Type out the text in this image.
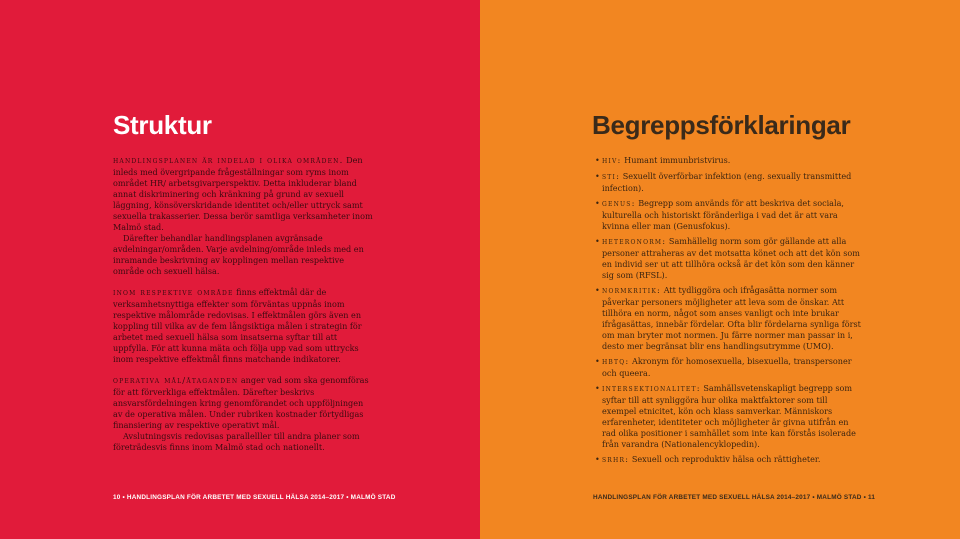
Struktur

handlingsplanen är indelad i olika områden. Den inleds med övergripande frågeställningar som ryms inom området HR/ arbetsgivarperspektiv. Detta inkluderar bland annat diskriminering och kränkning på grund av sexuell läggning, könsöverskridande identitet och/eller uttryck samt sexuella trakasserier. Dessa berör samtliga verksamheter inom Malmö stad.

Därefter behandlar handlingsplanen avgränsade avdelningar/områden. Varje avdelning/område inleds med en inramande beskrivning av kopplingen mellan respektive område och sexuell hälsa.

inom respektive område finns effektmål där de verksamhetsnyttiga effekter som förväntas uppnås inom respektive målområde redovisas. I effektmålen görs även en koppling till vilka av de fem långsiktiga målen i strategin för arbetet med sexuell hälsa som insatserna syftar till att uppfylla. För att kunna mäta och följa upp vad som uttrycks inom respektive effektmål finns matchande indikatorer.

operativa mål/åtaganden anger vad som ska genomföras för att förverkliga effektmålen. Därefter beskrivs ansvarsfördelningen kring genomförandet och uppföljningen av de operativa målen. Under rubriken kostnader förtydligas finansiering av respektive operativt mål.

Avslutningsvis redovisas parallelller till andra planer som företrädesvis finns inom Malmö stad och nationellt.

10 • HANDLINGSPLAN FÖR ARBETET MED SEXUELL HÄLSA 2014–2017 • MALMÖ STAD
Begreppsförklaringar
• hiv: Humant immunbristvirus.
• sti: Sexuellt överförbar infektion (eng. sexually transmitted infection).
• genus: Begrepp som används för att beskriva det sociala, kulturella och historiskt föränderliga i vad det är att vara kvinna eller man (Genusfokus).
• heteronorm: Samhällelig norm som gör gällande att alla personer attraheras av det motsatta könet och att det kön som en individ ser ut att tillhöra också är det kön som den känner sig som (RFSL).
• normkritik: Att tydliggöra och ifrågasätta normer som påverkar personers möjligheter att leva som de önskar. Att tillhöra en norm, något som anses vanligt och inte brukar ifrågasättas, innebär fördelar. Ofta blir fördelarna synliga först om man bryter mot normen. Ju färre normer man passar in i, desto mer begränsat blir ens handlingsutrymme (UMO).
• hbtq: Akronym för homosexuella, bisexuella, transpersoner och queera.
• intersektionalitet: Samhällsvetenskapligt begrepp som syftar till att synliggöra hur olika maktfaktorer som till exempel etnicitet, kön och klass samverkar. Människors erfarenheter, identiteter och möjligheter är givna utifrån en rad olika positioner i samhället som inte kan förstås isolerade från varandra (Nationalencyklopedin).
• srhr: Sexuell och reproduktiv hälsa och rättigheter.
HANDLINGSPLAN FÖR ARBETET MED SEXUELL HÄLSA 2014–2017 • MALMÖ STAD • 11
